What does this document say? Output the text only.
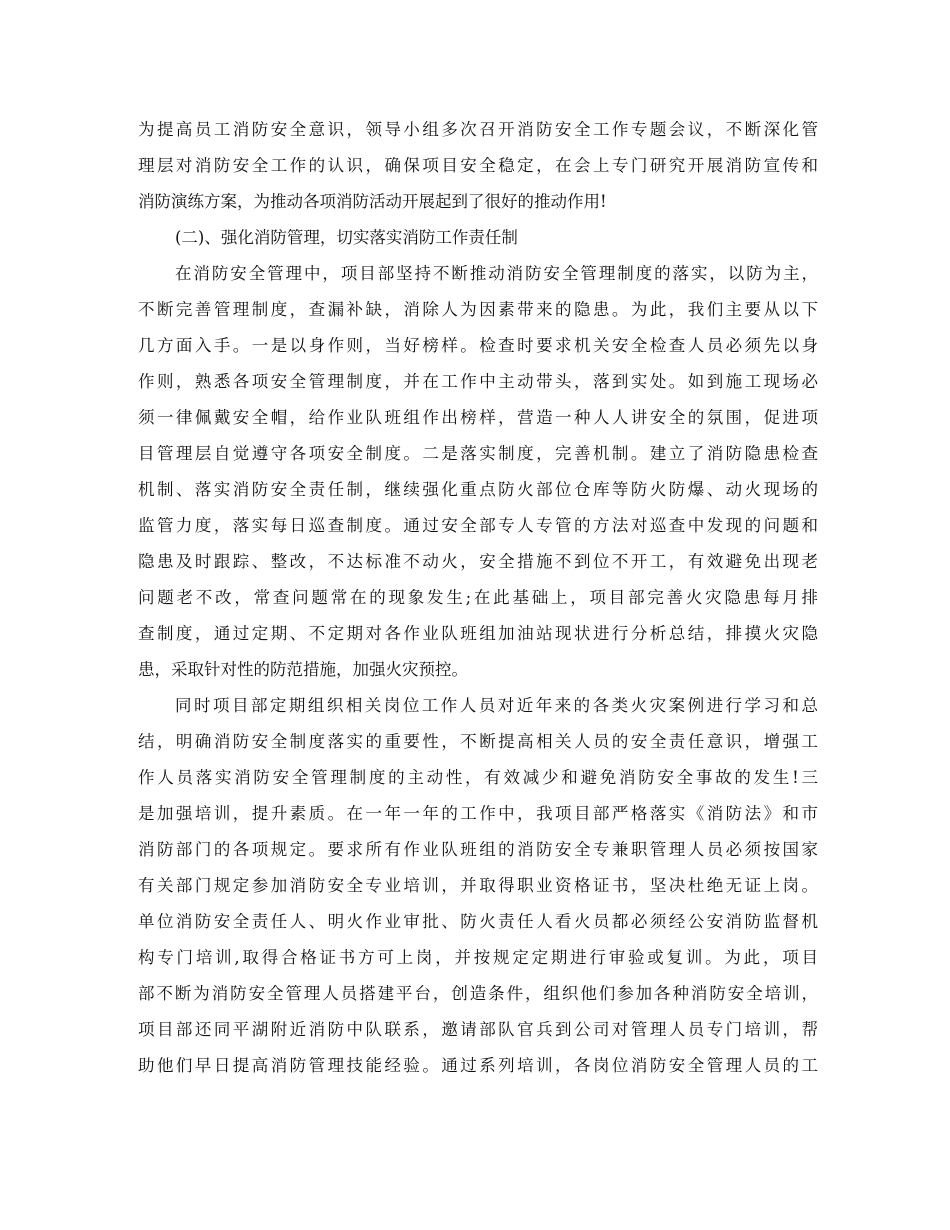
为提高员工消防安全意识，领导小组多次召开消防安全工作专题会议，不断深化管
理层对消防安全工作的认识，确保项目安全稳定，在会上专门研究开展消防宣传和
消防演练方案，为推动各项消防活动开展起到了很好的推动作用!
(二)、强化消防管理，切实落实消防工作责任制
在消防安全管理中，项目部坚持不断推动消防安全管理制度的落实，以防为主，
不断完善管理制度，查漏补缺，消除人为因素带来的隐患。为此，我们主要从以下
几方面入手。一是以身作则，当好榜样。检查时要求机关安全检查人员必须先以身
作则，熟悉各项安全管理制度，并在工作中主动带头，落到实处。如到施工现场必
须一律佩戴安全帽，给作业队班组作出榜样，营造一种人人讲安全的氛围，促进项
目管理层自觉遵守各项安全制度。二是落实制度，完善机制。建立了消防隐患检查
机制、落实消防安全责任制，继续强化重点防火部位仓库等防火防爆、动火现场的
监管力度，落实每日巡查制度。通过安全部专人专管的方法对巡查中发现的问题和
隐患及时跟踪、整改，不达标准不动火，安全措施不到位不开工，有效避免出现老
问题老不改，常查问题常在的现象发生;在此基础上，项目部完善火灾隐患每月排
查制度，通过定期、不定期对各作业队班组加油站现状进行分析总结，排摸火灾隐
患，采取针对性的防范措施，加强火灾预控。
同时项目部定期组织相关岗位工作人员对近年来的各类火灾案例进行学习和总
结，明确消防安全制度落实的重要性，不断提高相关人员的安全责任意识，增强工
作人员落实消防安全管理制度的主动性，有效减少和避免消防安全事故的发生!三
是加强培训，提升素质。在一年一年的工作中，我项目部严格落实《消防法》和市
消防部门的各项规定。要求所有作业队班组的消防安全专兼职管理人员必须按国家
有关部门规定参加消防安全专业培训，并取得职业资格证书，坚决杜绝无证上岗。
单位消防安全责任人、明火作业审批、防火责任人看火员都必须经公安消防监督机
构专门培训,取得合格证书方可上岗，并按规定定期进行审验或复训。为此，项目
部不断为消防安全管理人员搭建平台，创造条件，组织他们参加各种消防安全培训，
项目部还同平湖附近消防中队联系，邀请部队官兵到公司对管理人员专门培训，帮
助他们早日提高消防管理技能经验。通过系列培训，各岗位消防安全管理人员的工
